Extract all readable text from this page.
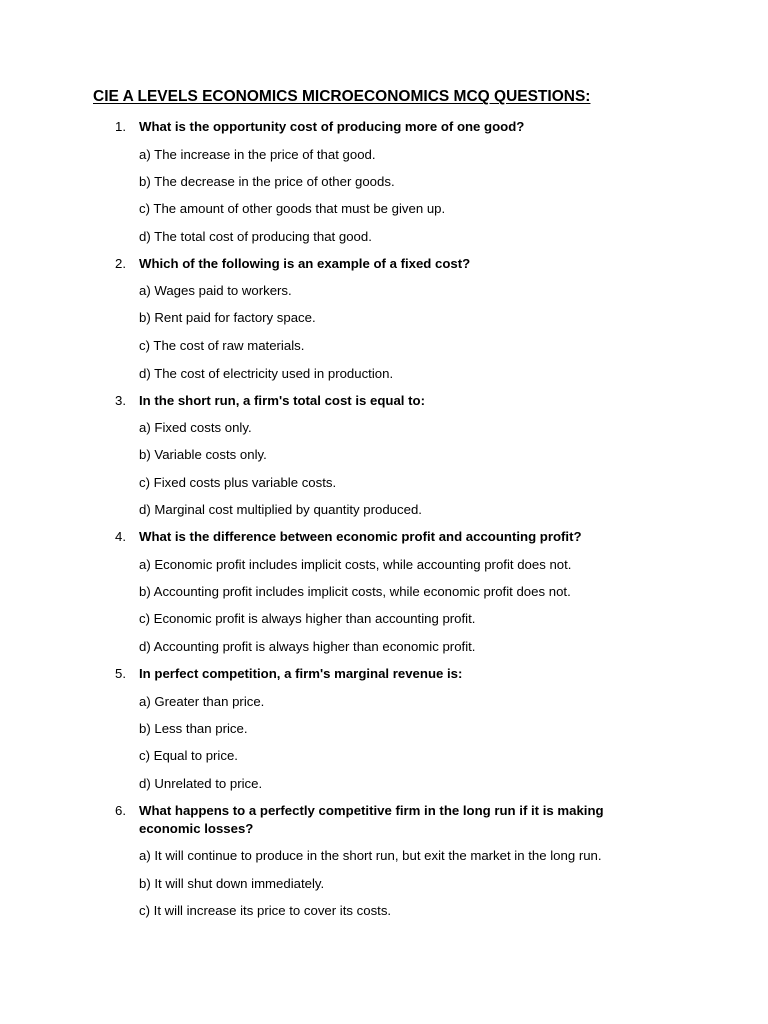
CIE A LEVELS ECONOMICS MICROECONOMICS MCQ QUESTIONS:
1. What is the opportunity cost of producing more of one good?
a) The increase in the price of that good.
b) The decrease in the price of other goods.
c) The amount of other goods that must be given up.
d) The total cost of producing that good.
2. Which of the following is an example of a fixed cost?
a) Wages paid to workers.
b) Rent paid for factory space.
c) The cost of raw materials.
d) The cost of electricity used in production.
3. In the short run, a firm's total cost is equal to:
a) Fixed costs only.
b) Variable costs only.
c) Fixed costs plus variable costs.
d) Marginal cost multiplied by quantity produced.
4. What is the difference between economic profit and accounting profit?
a) Economic profit includes implicit costs, while accounting profit does not.
b) Accounting profit includes implicit costs, while economic profit does not.
c) Economic profit is always higher than accounting profit.
d) Accounting profit is always higher than economic profit.
5. In perfect competition, a firm's marginal revenue is:
a) Greater than price.
b) Less than price.
c) Equal to price.
d) Unrelated to price.
6. What happens to a perfectly competitive firm in the long run if it is making economic losses?
a) It will continue to produce in the short run, but exit the market in the long run.
b) It will shut down immediately.
c) It will increase its price to cover its costs.
